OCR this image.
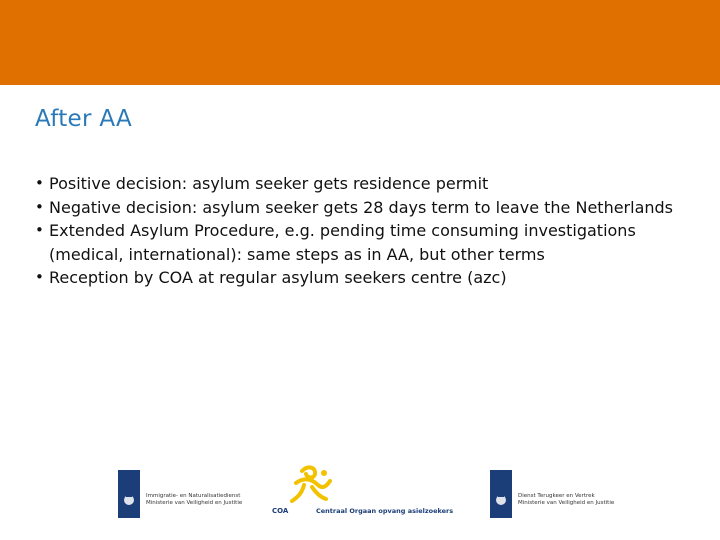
After AA
• Positive decision: asylum seeker gets residence permit
• Negative decision: asylum seeker gets 28 days term to leave the Netherlands
• Extended Asylum Procedure, e.g. pending time consuming investigations (medical, international): same steps as in AA, but other terms
• Reception by COA at regular asylum seekers centre (azc)
Immigratie- en Naturalisatiedienst
Ministerie van Veiligheid en Justitie
COA	Centraal Orgaan opvang asielzoekers
Dienst Terugkeer en Vertrek
Ministerie van Veiligheid en Justitie
